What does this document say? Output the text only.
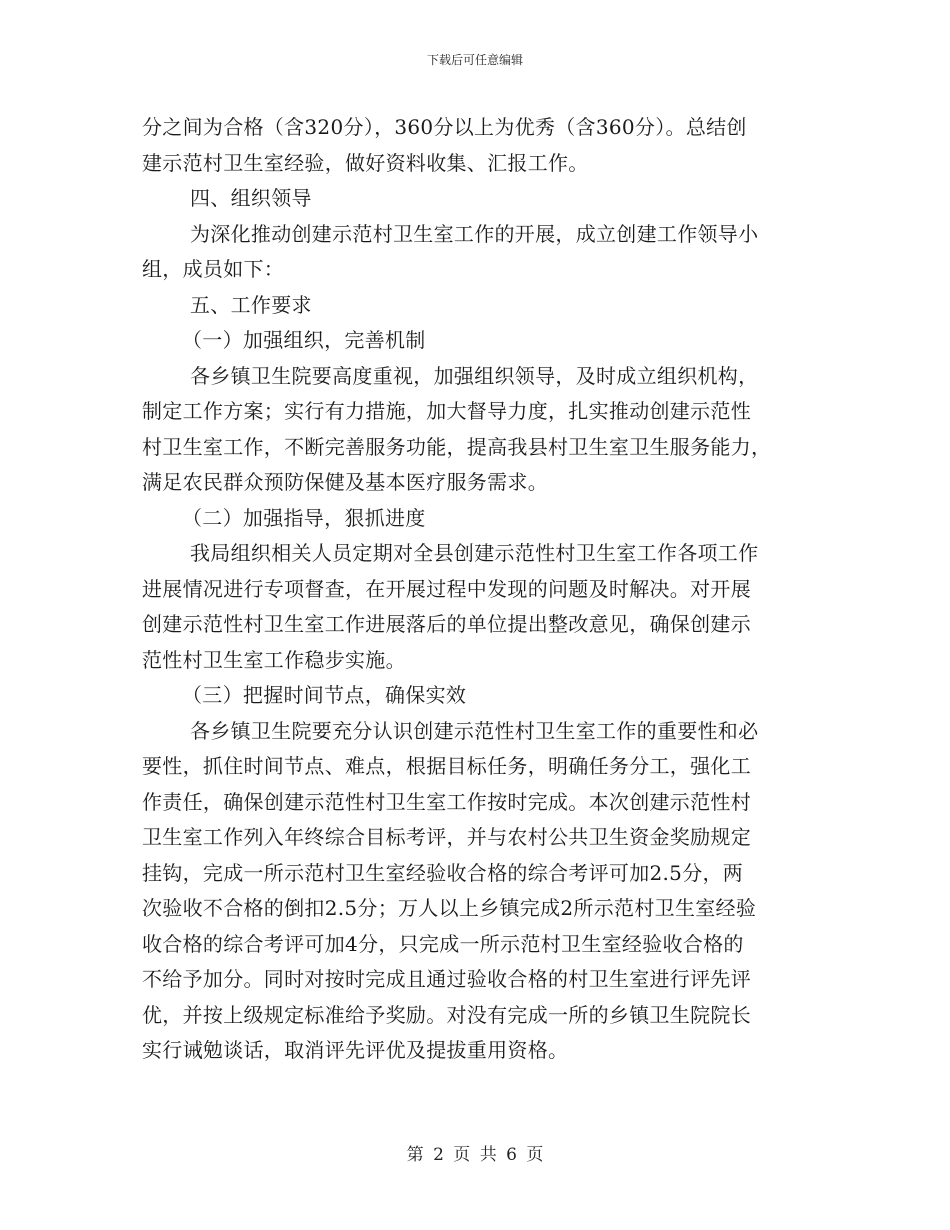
下载后可任意编辑
分之间为合格（含320分），360分以上为优秀（含360分）。总结创
建示范村卫生室经验，做好资料收集、汇报工作。
四、组织领导
为深化推动创建示范村卫生室工作的开展，成立创建工作领导小
组，成员如下：
五、工作要求
（一）加强组织，完善机制
各乡镇卫生院要高度重视，加强组织领导，及时成立组织机构，
制定工作方案；实行有力措施，加大督导力度，扎实推动创建示范性
村卫生室工作，不断完善服务功能，提高我县村卫生室卫生服务能力，
满足农民群众预防保健及基本医疗服务需求。
（二）加强指导，狠抓进度
我局组织相关人员定期对全县创建示范性村卫生室工作各项工作
进展情况进行专项督查，在开展过程中发现的问题及时解决。对开展
创建示范性村卫生室工作进展落后的单位提出整改意见，确保创建示
范性村卫生室工作稳步实施。
（三）把握时间节点，确保实效
各乡镇卫生院要充分认识创建示范性村卫生室工作的重要性和必
要性，抓住时间节点、难点，根据目标任务，明确任务分工，强化工
作责任，确保创建示范性村卫生室工作按时完成。本次创建示范性村
卫生室工作列入年终综合目标考评，并与农村公共卫生资金奖励规定
挂钩，完成一所示范村卫生室经验收合格的综合考评可加2.5分，两
次验收不合格的倒扣2.5分；万人以上乡镇完成2所示范村卫生室经验
收合格的综合考评可加4分，只完成一所示范村卫生室经验收合格的
不给予加分。同时对按时完成且通过验收合格的村卫生室进行评先评
优，并按上级规定标准给予奖励。对没有完成一所的乡镇卫生院院长
实行诫勉谈话，取消评先评优及提拔重用资格。
第 2 页 共 6 页
